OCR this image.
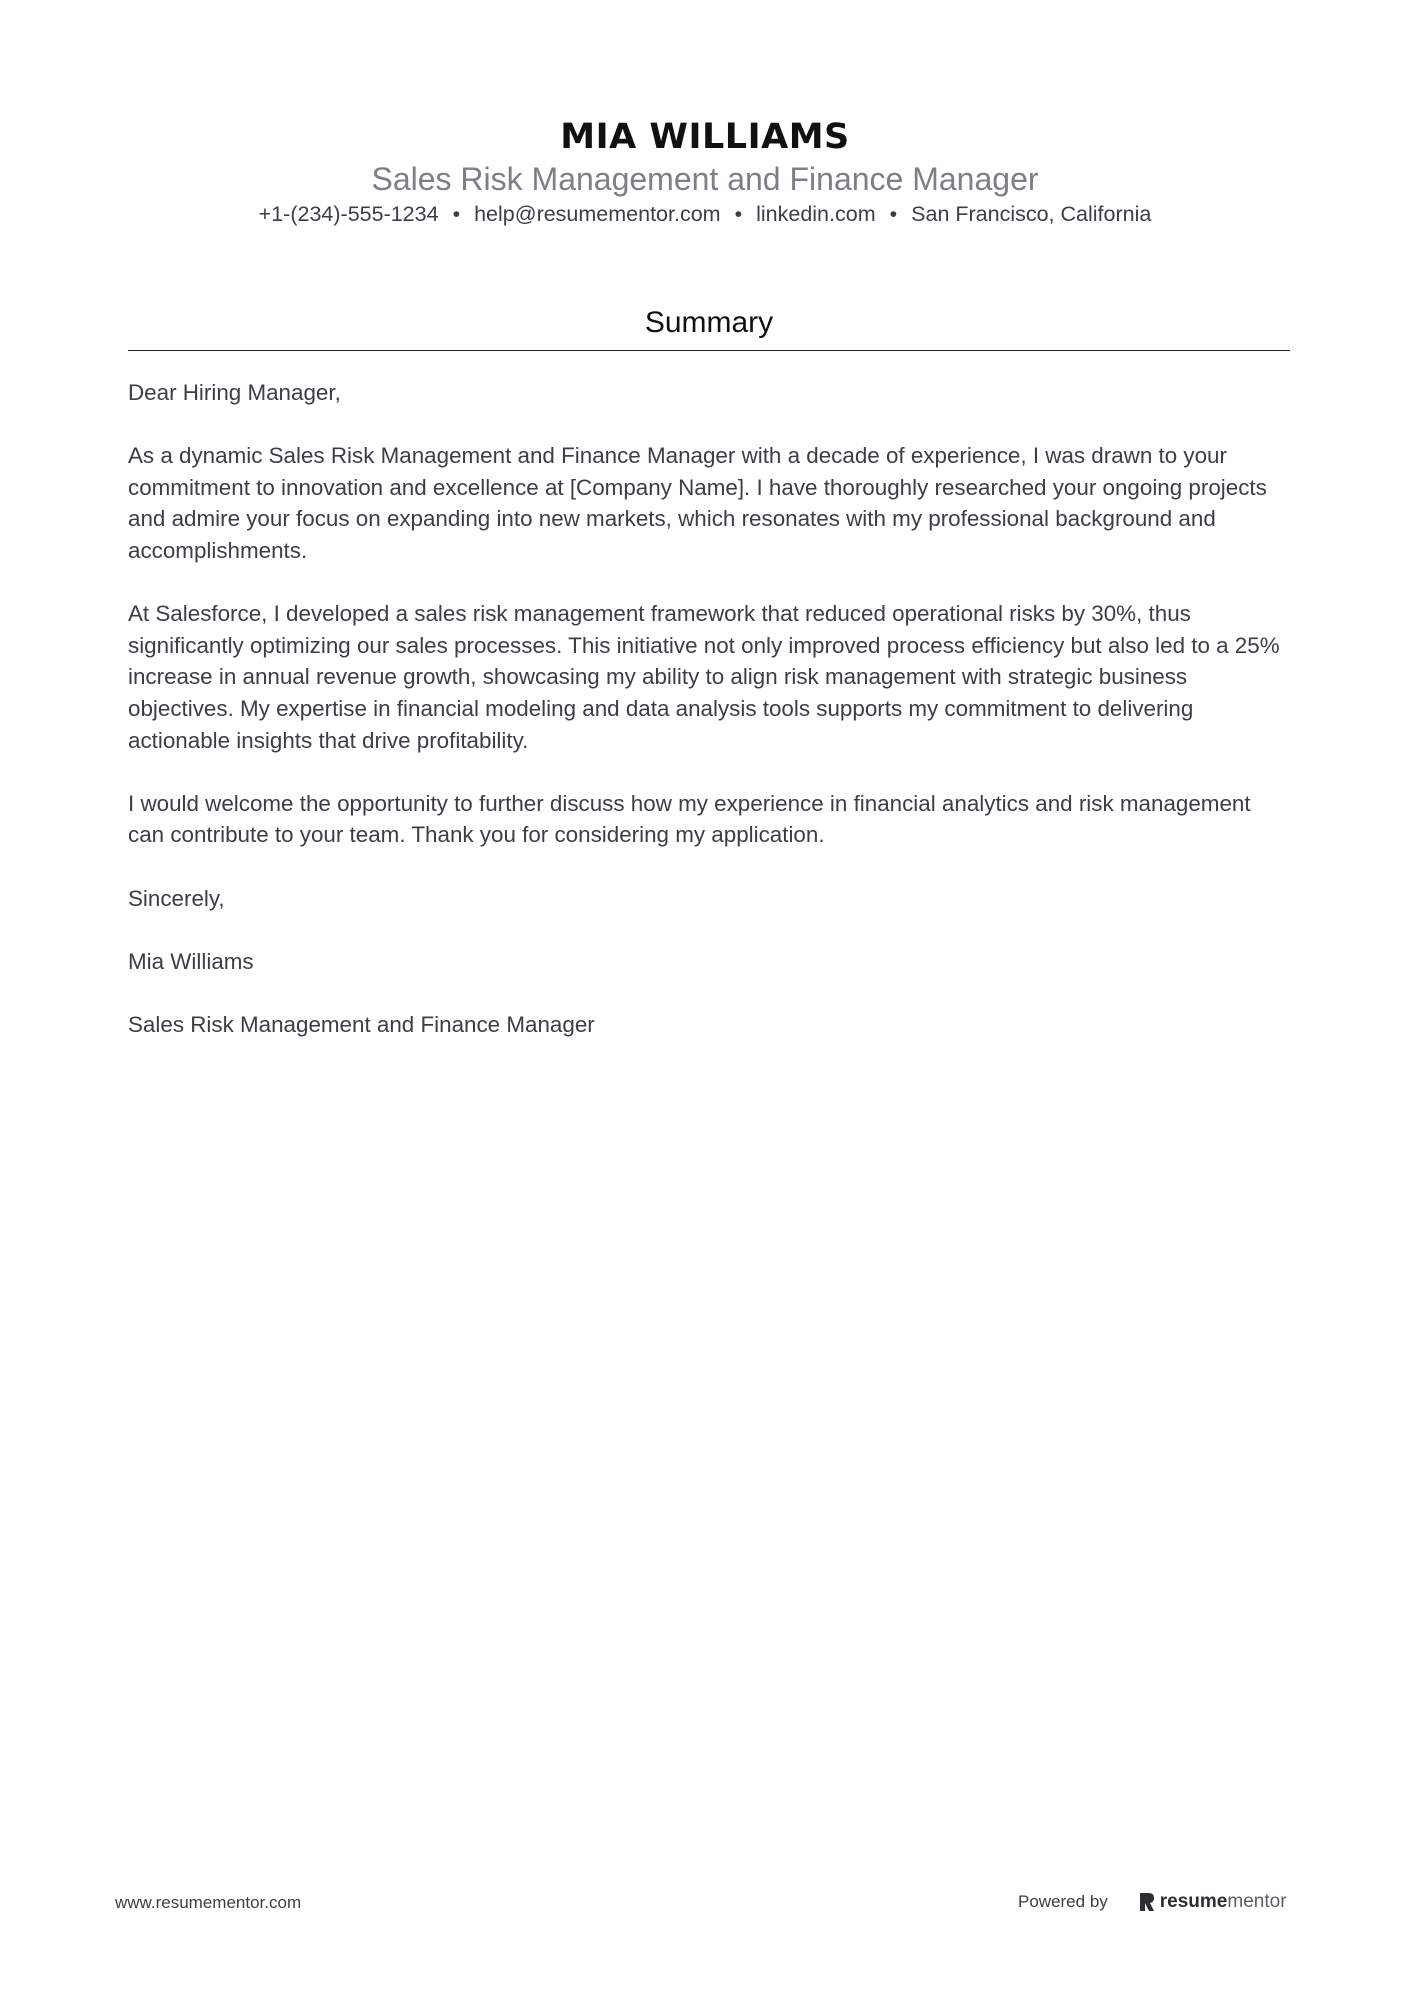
MIA WILLIAMS
Sales Risk Management and Finance Manager
+1-(234)-555-1234 • help@resumementor.com • linkedin.com • San Francisco, California
Summary

Dear Hiring Manager,

As a dynamic Sales Risk Management and Finance Manager with a decade of experience, I was drawn to your commitment to innovation and excellence at [Company Name]. I have thoroughly researched your ongoing projects and admire your focus on expanding into new markets, which resonates with my professional background and accomplishments.

At Salesforce, I developed a sales risk management framework that reduced operational risks by 30%, thus significantly optimizing our sales processes. This initiative not only improved process efficiency but also led to a 25% increase in annual revenue growth, showcasing my ability to align risk management with strategic business objectives. My expertise in financial modeling and data analysis tools supports my commitment to delivering actionable insights that drive profitability.

I would welcome the opportunity to further discuss how my experience in financial analytics and risk management can contribute to your team. Thank you for considering my application.

Sincerely,

Mia Williams

Sales Risk Management and Finance Manager

www.resumementor.com	Powered by	resume mentor
